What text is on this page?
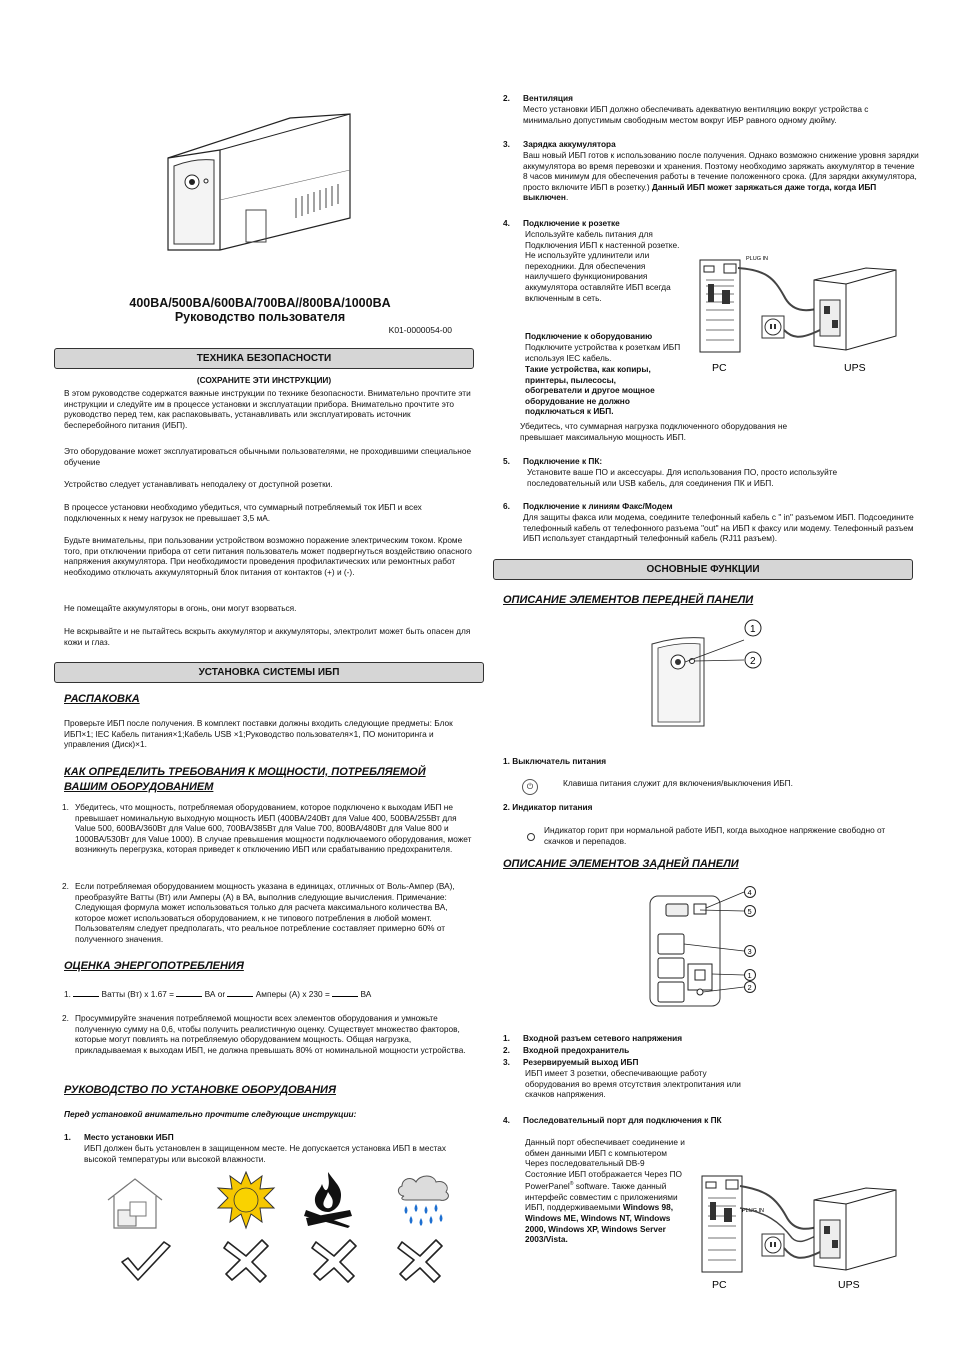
400BA/500BA/600BA/700BA//800BA/1000BA
Руководство пользователя
K01-0000054-00
ТЕХНИКА БЕЗОПАСНОСТИ
(СОХРАНИТЕ ЭТИ ИНСТРУКЦИИ)
В этом руководстве содержатся важные инструкции по технике безопасности. Внимательно прочтите эти инструкции и следуйте им в процессе установки и эксплуатации прибора. Внимательно прочтите это руководство перед тем, как распаковывать, устанавливать или эксплуатировать источник бесперебойного питания (ИБП).
Это оборудование может эксплуатироваться обычными пользователями, не проходившими специальное обучение
Устройство следует устанавливать неподалеку от доступной розетки.
В процессе установки необходимо убедиться, что суммарный потребляемый ток ИБП и всех подключенных к нему нагрузок не превышает 3,5 мА.
Будьте внимательны, при пользовании устройством возможно поражение электрическим током. Кроме того, при отключении прибора от сети питания пользователь может подвергнуться воздействию опасного напряжения аккумулятора. При необходимости проведения профилактических или ремонтных работ необходимо отключать аккумуляторный блок питания от контактов (+) и (-).
Не помещайте аккумуляторы в огонь, они могут взорваться.
Не вскрывайте и не пытайтесь вскрыть аккумулятор и аккумуляторы, электролит может быть опасен для кожи и глаз.
УСТАНОВКА СИСТЕМЫ ИБП
РАСПАКОВКА
Проверьте ИБП после получения. В комплект поставки должны входить следующие предметы: Блок ИБП×1; IEC Кабель питания×1;Кабель USB ×1;Руководство пользователя×1, ПО мониторинга и управления (Диск)×1.
КАК ОПРЕДЕЛИТЬ ТРЕБОВАНИЯ К МОЩНОСТИ, ПОТРЕБЛЯЕМОЙ
ВАШИМ ОБОРУДОВАНИЕМ
1. Убедитесь, что мощность, потребляемая оборудованием, которое подключено к выходам ИБП не превышает номинальную выходную мощность ИБП (400ВА/240Вт для Value 400, 500ВА/255Вт для Value 500, 600ВА/360Вт для Value 600, 700ВА/385Вт для Value 700, 800ВА/480Вт для Value 800 и 1000ВА/530Вт для Value 1000). В случае превышения мощности подключаемого оборудования, может возникнуть перегрузка, которая приведет к отключению ИБП или срабатыванию предохранителя.
2. Если потребляемая оборудованием мощность указана в единицах, отличных от Воль-Ампер (ВА), преобразуйте Ватты (Вт) или Амперы (А) в ВА, выполнив следующие вычисления. Примечание: Следующая формула может использоваться только для расчета максимального количества ВА, которое может использоваться оборудованием, к не типового потребления в любой момент. Пользователям следует предполагать, что реальное потребление составляет примерно 60% от полученного значения.
ОЦЕНКА ЭНЕРГОПОТРЕБЛЕНИЯ
1.	Ватты (Вт) x 1.67 =	ВА or	Амперы (А) x 230 =	ВА
2. Просуммируйте значения потребляемой мощности всех элементов оборудования и умножьте полученную сумму на 0,6, чтобы получить реалистичную оценку. Существует множество факторов, которые могут повлиять на потребляемую оборудованием мощность. Общая нагрузка, прикладываемая к выходам ИБП, не должна превышать 80% от номинальной мощности устройства.
РУКОВОДСТВО ПО УСТАНОВКЕ ОБОРУДОВАНИЯ
Перед установкой внимательно прочтите следующие инструкции:
1. Место установки ИБП
ИБП должен быть установлен в защищенном месте. Не допускается установка ИБП в местах высокой температуры или высокой влажности.
2. Вентиляция
Место установки ИБП должно обеспечивать адекватную вентиляцию вокруг устройства с минимально допустимым свободным местом вокруг ИБР равного одному дюйму.
3. Зарядка аккумулятора
Ваш новый ИБП готов к использованию после получения. Однако возможно снижение уровня зарядки аккумулятора во время перевозки и хранения. Поэтому необходимо заряжать аккумулятор в течение 8 часов минимум для обеспечения работы в течение положенного срока. (Для зарядки аккумулятора, просто включите ИБП в розетку.) Данный ИБП может заряжаться даже тогда, когда ИБП выключен.
4. Подключение к розетке
Используйте кабель питания для Подключения ИБП к настенной розетке. Не используйте удлинители или переходники. Для обеспечения наилучшего функционирования аккумулятора оставляйте ИБП всегда включенным в сеть.
Подключение к оборудованию
Подключите устройства к розеткам ИБП используя IEC кабель.
Такие устройства, как копиры, принтеры, пылесосы, обогреватели и другое мощное оборудование не должно подключаться к ИБП.
Убедитесь, что суммарная нагрузка подключенного оборудования не превышает максимальную мощность ИБП.
PLUG IN
PC	UPS
5. Подключение к ПК:
Установите ваше ПО и аксессуары. Для использования ПО, просто используйте последовательный или USB кабель, для соединения ПК и ИБП.
6. Подключение к линиям Факс/Модем
Для защиты факса или модема, соедините телефонный кабель с " in" разъемом ИБП. Подсоедините телефонный кабель от телефонного разъема "out" на ИБП к факсу или модему. Телефонный разъем ИБП использует стандартный телефонный кабель (RJ11 разъем).
ОСНОВНЫЕ ФУНКЦИИ
ОПИСАНИЕ ЭЛЕМЕНТОВ ПЕРЕДНЕЙ ПАНЕЛИ
1
2
1. Выключатель питания
⏻	Клавиша питания служит для включения/выключения ИБП.
2. Индикатор питания
Индикатор горит при нормальной работе ИБП, когда выходное напряжение свободно от скачков и перепадов.
ОПИСАНИЕ ЭЛЕМЕНТОВ ЗАДНЕЙ ПАНЕЛИ
4
5
3
1
2
1. Входной разъем сетевого напряжения
2. Входной предохранитель
3. Резервируемый выход ИБП
ИБП имеет 3 розетки, обеспечивающие работу оборудования во время отсутствия электропитания или скачков напряжения.
4. Последовательный порт для подключения к ПК
Данный порт обеспечивает соединение и обмен данными ИБП с компьютером Через последовательный DB-9 Состояние ИБП отображается Через ПО PowerPanel® software. Также данный интерфейс совместим с приложениями ИБП, поддерживаемыми Windows 98, Windows ME, Windows NT, Windows 2000, Windows XP, Windows Server 2003/Vista.
PLUG IN
PC	UPS
